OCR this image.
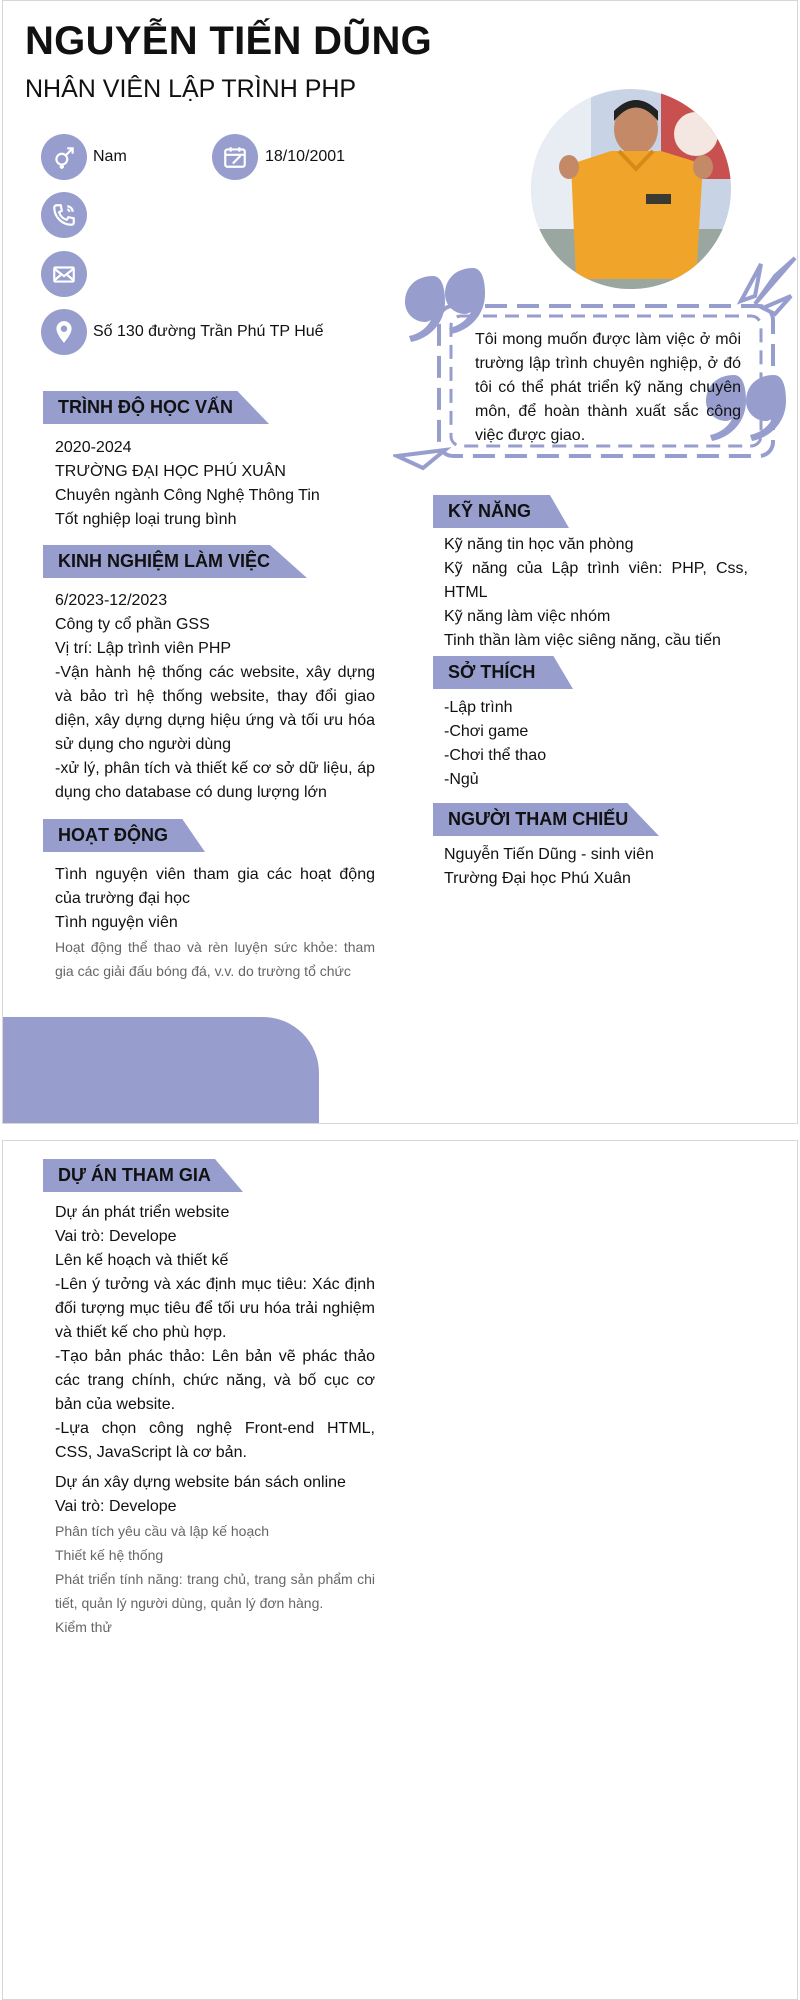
NGUYỄN TIẾN DŨNG
NHÂN VIÊN LẬP TRÌNH PHP
Nam	18/10/2001
Số 130 đường Trần Phú TP Huế	Tôi mong muốn được làm việc ở môi trường lập trình chuyên nghiệp, ở đó tôi có thể phát triển kỹ năng chuyên môn, để hoàn thành xuất sắc công việc được giao.
TRÌNH ĐỘ HỌC VẤN

2020-2024

TRƯỜNG ĐẠI HỌC PHÚ XUÂN

Chuyên ngành Công Nghệ Thông Tin

Tốt nghiệp loại trung bình

KINH NGHIỆM LÀM VIỆC

6/2023-12/2023

Công ty cổ phần GSS

Vị trí: Lập trình viên PHP

-Vận hành hệ thống các website, xây dựng và bảo trì hệ thống website, thay đổi giao diện, xây dựng dựng hiệu ứng và tối ưu hóa sử dụng cho người dùng

-xử lý, phân tích và thiết kế cơ sở dữ liệu, áp dụng cho database có dung lượng lớn

HOẠT ĐỘNG

Tình nguyện viên tham gia các hoạt động của trường đại học

Tình nguyện viên

Hoạt động thể thao và rèn luyện sức khỏe: tham gia các giải đấu bóng đá, v.v. do trường tổ chức

KỸ NĂNG

Kỹ năng tin học văn phòng

Kỹ năng của Lập trình viên: PHP, Css, HTML

Kỹ năng làm việc nhóm

Tinh thần làm việc siêng năng, cầu tiến

SỞ THÍCH

-Lập trình

-Chơi game

-Chơi thể thao

-Ngủ

NGƯỜI THAM CHIẾU

Nguyễn Tiến Dũng - sinh viên

Trường Đại học Phú Xuân

DỰ ÁN THAM GIA

Dự án phát triển website

Vai trò: Develope

Lên kế hoạch và thiết kế

-Lên ý tưởng và xác định mục tiêu: Xác định đối tượng mục tiêu để tối ưu hóa trải nghiệm và thiết kế cho phù hợp.

-Tạo bản phác thảo: Lên bản vẽ phác thảo các trang chính, chức năng, và bố cục cơ bản của website.

-Lựa chọn công nghệ Front-end HTML, CSS, JavaScript là cơ bản.

Dự án xây dựng website bán sách online

Vai trò: Develope

Phân tích yêu cầu và lập kế hoạch

Thiết kế hệ thống

Phát triển tính năng: trang chủ, trang sản phẩm chi tiết, quản lý người dùng, quản lý đơn hàng.

Kiểm thử
